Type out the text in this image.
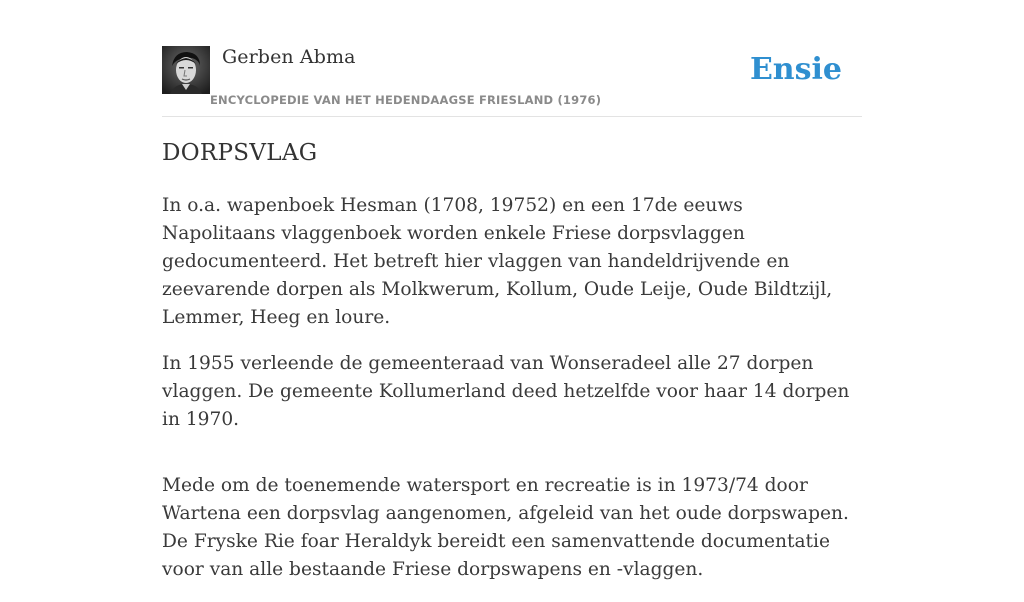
Gerben Abma
ENCYCLOPEDIE VAN HET HEDENDAAGSE FRIESLAND (1976)
Ensie
DORPSVLAG

In o.a. wapenboek Hesman (1708, 19752) en een 17de eeuws Napolitaans vlaggenboek worden enkele Friese dorpsvlaggen gedocumenteerd. Het betreft hier vlaggen van handeldrijvende en zeevarende dorpen als Molkwerum, Kollum, Oude Leije, Oude Bildtzijl, Lemmer, Heeg en loure.

In 1955 verleende de gemeenteraad van Wonseradeel alle 27 dorpen vlaggen. De gemeente Kollumerland deed hetzelfde voor haar 14 dorpen in 1970.

Mede om de toenemende watersport en recreatie is in 1973/74 door Wartena een dorpsvlag aangenomen, afgeleid van het oude dorpswapen. De Fryske Rie foar Heraldyk bereidt een samenvattende documentatie voor van alle bestaande Friese dorpswapens en -vlaggen.
